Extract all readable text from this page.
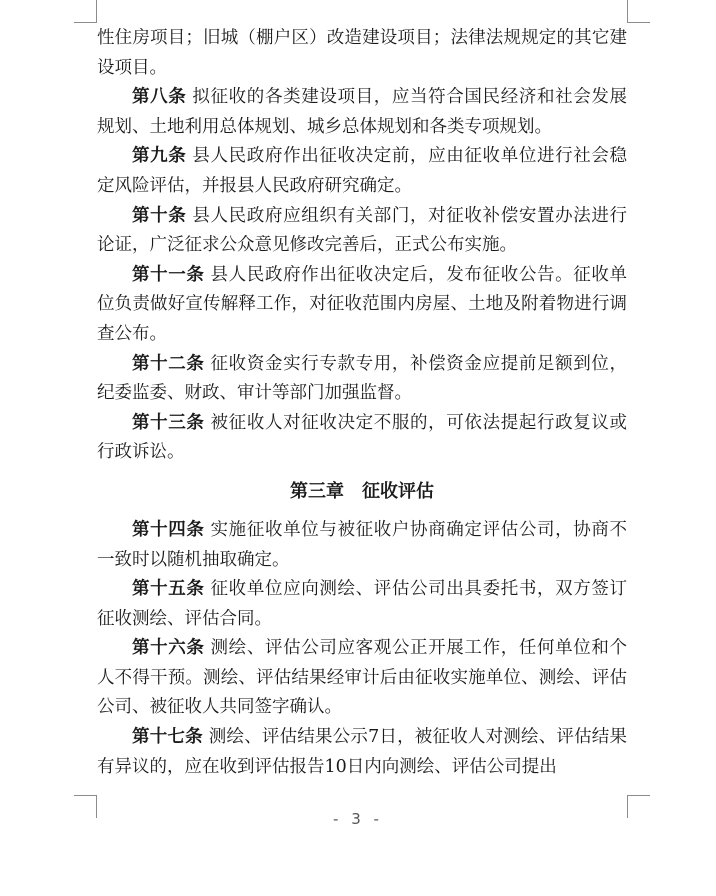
性住房项目；旧城（棚户区）改造建设项目；法律法规规定的其它建设项目。

第八条 拟征收的各类建设项目，应当符合国民经济和社会发展规划、土地利用总体规划、城乡总体规划和各类专项规划。

第九条 县人民政府作出征收决定前，应由征收单位进行社会稳定风险评估，并报县人民政府研究确定。

第十条 县人民政府应组织有关部门，对征收补偿安置办法进行论证，广泛征求公众意见修改完善后，正式公布实施。

第十一条 县人民政府作出征收决定后，发布征收公告。征收单位负责做好宣传解释工作，对征收范围内房屋、土地及附着物进行调查公布。

第十二条 征收资金实行专款专用，补偿资金应提前足额到位，纪委监委、财政、审计等部门加强监督。

第十三条 被征收人对征收决定不服的，可依法提起行政复议或行政诉讼。

第三章　征收评估

第十四条 实施征收单位与被征收户协商确定评估公司，协商不一致时以随机抽取确定。

第十五条 征收单位应向测绘、评估公司出具委托书，双方签订征收测绘、评估合同。

第十六条 测绘、评估公司应客观公正开展工作，任何单位和个人不得干预。测绘、评估结果经审计后由征收实施单位、测绘、评估公司、被征收人共同签字确认。

第十七条 测绘、评估结果公示7日，被征收人对测绘、评估结果有异议的，应在收到评估报告10日内向测绘、评估公司提出

- 3 -
